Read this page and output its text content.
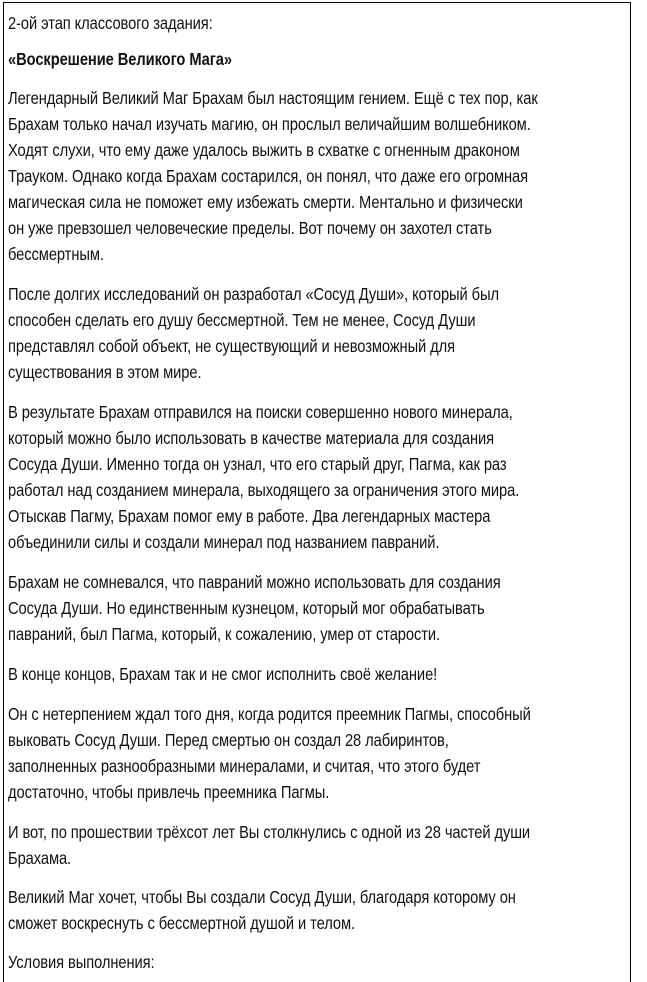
2-ой этап классового задания:
«Воскрешение Великого Мага»
Легендарный Великий Маг Брахам был настоящим гением. Ещё с тех пор, как
Брахам только начал изучать магию, он прослыл величайшим волшебником.
Ходят слухи, что ему даже удалось выжить в схватке с огненным драконом
Трауком. Однако когда Брахам состарился, он понял, что даже его огромная
магическая сила не поможет ему избежать смерти. Ментально и физически
он уже превзошел человеческие пределы. Вот почему он захотел стать
бессмертным.
После долгих исследований он разработал «Сосуд Души», который был
способен сделать его душу бессмертной. Тем не менее, Сосуд Души
представлял собой объект, не существующий и невозможный для
существования в этом мире.
В результате Брахам отправился на поиски совершенно нового минерала,
который можно было использовать в качестве материала для создания
Сосуда Души. Именно тогда он узнал, что его старый друг, Пагма, как раз
работал над созданием минерала, выходящего за ограничения этого мира.
Отыскав Пагму, Брахам помог ему в работе. Два легендарных мастера
объединили силы и создали минерал под названием павраний.
Брахам не сомневался, что павраний можно использовать для создания
Сосуда Души. Но единственным кузнецом, который мог обрабатывать
павраний, был Пагма, который, к сожалению, умер от старости.
В конце концов, Брахам так и не смог исполнить своё желание!
Он с нетерпением ждал того дня, когда родится преемник Пагмы, способный
выковать Сосуд Души. Перед смертью он создал 28 лабиринтов,
заполненных разнообразными минералами, и считая, что этого будет
достаточно, чтобы привлечь преемника Пагмы.
И вот, по прошествии трёхсот лет Вы столкнулись с одной из 28 частей души
Брахама.
Великий Маг хочет, чтобы Вы создали Сосуд Души, благодаря которому он
сможет воскреснуть с бессмертной душой и телом.
Условия выполнения:
